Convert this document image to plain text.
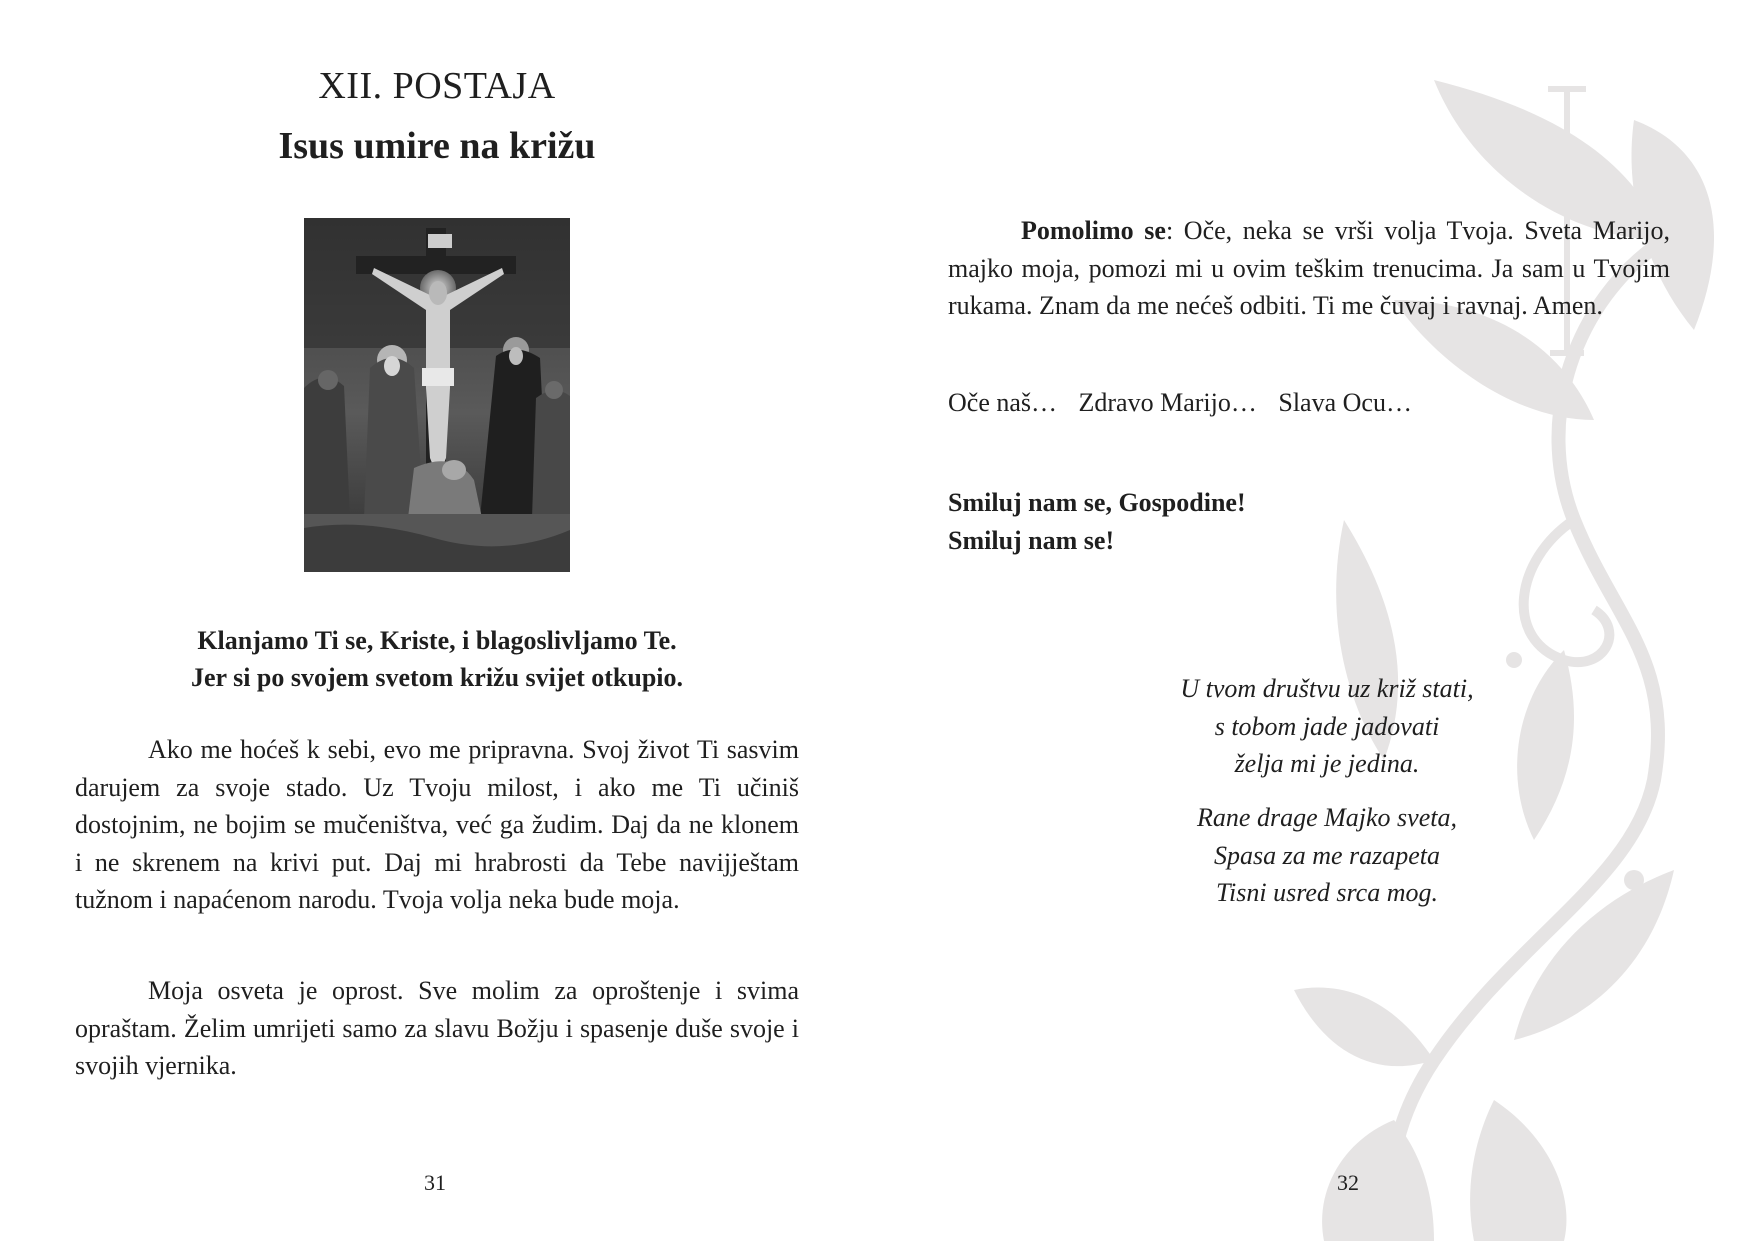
XII. POSTAJA
Isus umire na križu
Klanjamo Ti se, Kriste, i blagoslivljamo Te.
Jer si po svojem svetom križu svijet otkupio.

Ako me hoćeš k sebi, evo me pripravna. Svoj život Ti sasvim darujem za svoje stado. Uz Tvoju milost, i ako me Ti učiniš dostojnim, ne bojim se mučeništva, već ga žudim. Daj da ne klonem i ne skrenem na krivi put. Daj mi hrabrosti da Tebe navijještam tužnom i napaćenom narodu. Tvoja volja neka bude moja.

Moja osveta je oprost. Sve molim za oproštenje i svima opraštam. Želim umrijeti samo za slavu Božju i spasenje duše svoje i svojih vjernika.

31

Pomolimo se: Oče, neka se vrši volja Tvoja. Sveta Marijo, majko moja, pomozi mi u ovim teškim trenucima. Ja sam u Tvojim rukama. Znam da me nećeš odbiti. Ti me čuvaj i ravnaj. Amen.

Oče naš… Zdravo Marijo… Slava Ocu…
Smiluj nam se, Gospodine!
Smiluj nam se!
U tvom društvu uz križ stati,
s tobom jade jadovati
želja mi je jedina.
Rane drage Majko sveta,
Spasa za me razapeta
Tisni usred srca mog.
32
